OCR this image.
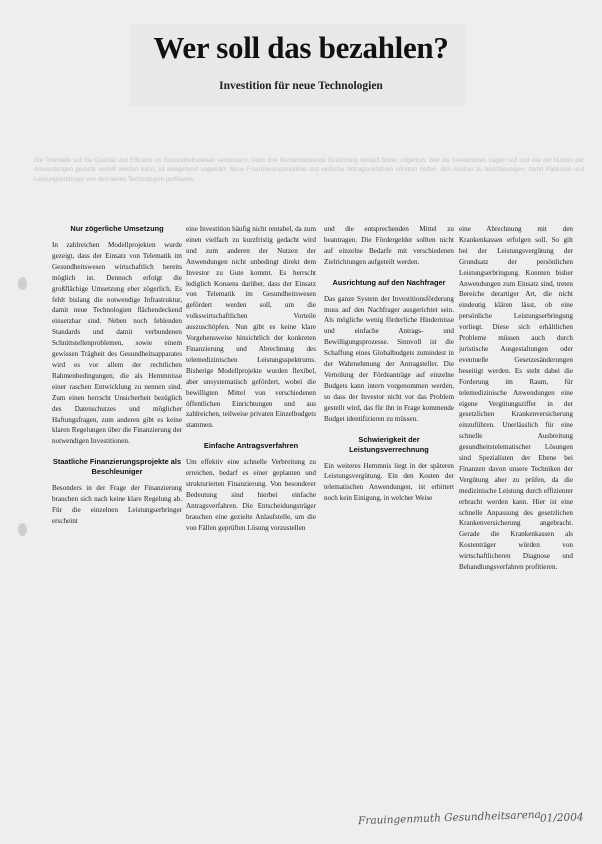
Wer soll das bezahlen?
Investition für neue Technologien

Die Telematik soll die Qualität und Effizienz im Gesundheitswesen verbessern. Doch ihre flächendeckende Einführung verläuft bisher zögerlich. Wer die Investitionen tragen soll und wie der Nutzen der Anwendungen gerecht verteilt werden kann, ist weitgehend ungeklärt. Neue Finanzierungsmodelle und einfache Antragsverfahren könnten helfen, den Ausbau zu beschleunigen, damit Patienten und Leistungserbringer von den neuen Technologien profitieren.

Nur zögerliche Umsetzung

In zahlreichen Modellprojekten wurde gezeigt, dass der Einsatz von Telematik im Gesundheitswesen wirtschaftlich bereits möglich ist. Dennoch erfolgt die großflächige Umsetzung eher zögerlich. Es fehlt bislang die notwendige Infrastruktur, damit neue Technologien flächendeckend einsetzbar sind. Neben noch fehlenden Standards und damit verbundenen Schnittstellenproblemen, sowie einem gewissen Trägheit des Gesundheitsapparates wird es vor allem der rechtlichen Rahmenbedingungen, die als Hemmnisse einer raschen Entwicklung zu nennen sind. Zum einen herrscht Unsicherheit bezüglich des Datenschutzes und möglicher Haftungsfragen, zum anderen gibt es keine klaren Regelungen über die Finanzierung der notwendigen Investitionen.

Staatliche Finanzierungsprojekte als Beschleuniger

Besonders in der Frage der Finanzierung brauchen sich nach keine klare Regelung ab. Für die einzelnen Leistungserbringer erscheint

eine Investition häufig nicht rentabel, da zum einen vielfach zu kurzfristig gedacht wird und zum anderen der Nutzen der Anwendungen nicht unbedingt direkt dem Investor zu Gute kommt. Es herrscht lediglich Konsens darüber, dass der Einsatz von Telematik im Gesundheitswesen gefördert werden soll, um die volkswirtschaftlichen Vorteile auszuschöpfen. Nun gibt es keine klare Vorgehensweise hinsichtlich der konkreten Finanzierung und Abrechnung des telemedizinischen Leistungsspektrums. Bisherige Modellprojekte wurden flexibel, aber unsystematisch gefördert, wobei die bewilligten Mittel von verschiedenen öffentlichen Einrichtungen und aus zahlreichen, teilweise privaten Einzelbudgets stammen.

Einfache Antragsverfahren

Um effektiv eine schnelle Verbreitung zu erreichen, bedarf es einer geplanten und strukturierten Finanzierung. Von besonderer Bedeutung sind hierbei einfache Antragsverfahren. Die Entscheidungsträger brauchen eine gezielte Anlaufstelle, um die von Fällen geprüften Lösung vorzustellen

und die entsprechenden Mittel zu beantragen. Die Fördergelder sollten nicht auf einzelne Bedarfe mit verschiedenen Zielrichtungen aufgeteilt werden.

Ausrichtung auf den Nachfrager

Das ganze System der Investitionsförderung muss auf den Nachfrager ausgerichtet sein. Als mögliche wenig förderliche Hindernisse und einfache Antrags- und Bewilligungsprozesse. Sinnvoll ist die Schaffung eines Globalbudgets zumindest in der Wahrnehmung der Antragsteller. Die Verteilung der Fördeanträge auf einzelne Budgets kann intern vorgenommen werden, so dass der Investor nicht vor das Problem gestellt wird, das für ihn in Frage kommende Budget identifizieren zu müssen.

Schwierigkeit der Leistungsverrechnung

Ein weiteres Hemmnis liegt in der späteren Leistungsvergütung. Ein den Kosten der telematischen Anwendungen, ist erbittert noch kein Einigung, in welcher Weise

eine Abrechnung mit den Krankenkassen erfolgen soll. So gilt bei der Leistungsvergütung der Grundsatz der persönlichen Leistungserbringung. Konnten bisher Anwendungen zum Einsatz sind, treten Bereiche derartiger Art, die nicht eindeutig klären lässt, ob eine persönliche Leistungserbringung vorliegt. Diese sich erhältlichen Probleme müssen auch durch juristische Ausgestaltungen oder eventuelle Gesetzesänderungen beseitigt werden. Es steht dabei die Forderung im Raum, für telemedizinische Anwendungen eine eigene Vergütungsziffer in der gesetzlichen Krankenversicherung einzuführen. Unerlässlich für eine schnelle Ausbreitung gesundheitstelematischer Lösungen sind Spezialisten der Ebene bei Finanzen davon unsere Techniken der Vergütung aber zu prüfen, da die medizinische Leistung durch effizienter erbracht werden kann. Hier ist eine schnelle Anpassung des gesetzlichen Krankenversicherung angebracht. Gerade die Krankenkassen als Kostenträger würden von wirtschaftlicheren Diagnose und Behandlungsverfahren profitieren.

Frauingenmuth Gesundheitsarena
01/2004
